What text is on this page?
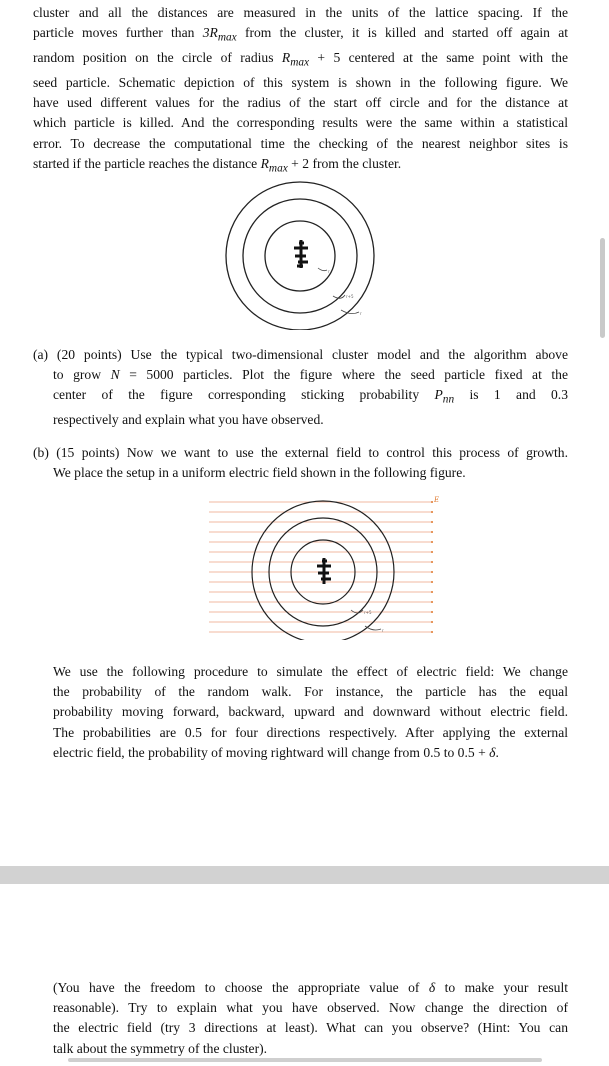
cluster and all the distances are measured in the units of the lattice spacing. If the
particle moves further than $3R_{max}$ from the cluster, it is killed and started off again at
random position on the circle of radius $R_{max} + 5$ centered at the same point with the
seed particle. Schematic depiction of this system is shown in the following figure. We
have used different values for the radius of the start off circle and for the distance at
which particle is killed. And the corresponding results were the same within a statistical
error. To decrease the computational time the checking of the nearest neighbor sites is
started if the particle reaches the distance $R_{max} + 2$ from the cluster.
r
r+5
r
(a) (20 points) Use the typical two-dimensional cluster model and the algorithm above
to grow N = 5000 particles. Plot the figure where the seed particle fixed at the
center of the figure corresponding sticking probability $P_{nn}$ is 1 and 0.3
respectively and explain what you have observed.
(b) (15 points) Now we want to use the external field to control this process of growth.
We place the setup in a uniform electric field shown in the following figure.
E
r+5
r
We use the following procedure to simulate the effect of electric field: We change
the probability of the random walk. For instance, the particle has the equal
probability moving forward, backward, upward and downward without electric field.
The probabilities are 0.5 for four directions respectively. After applying the external
electric field, the probability of moving rightward will change from 0.5 to 0.5 + δ.
(You have the freedom to choose the appropriate value of δ to make your result
reasonable). Try to explain what you have observed. Now change the direction of
the electric field (try 3 directions at least). What can you observe? (Hint: You can
talk about the symmetry of the cluster).
